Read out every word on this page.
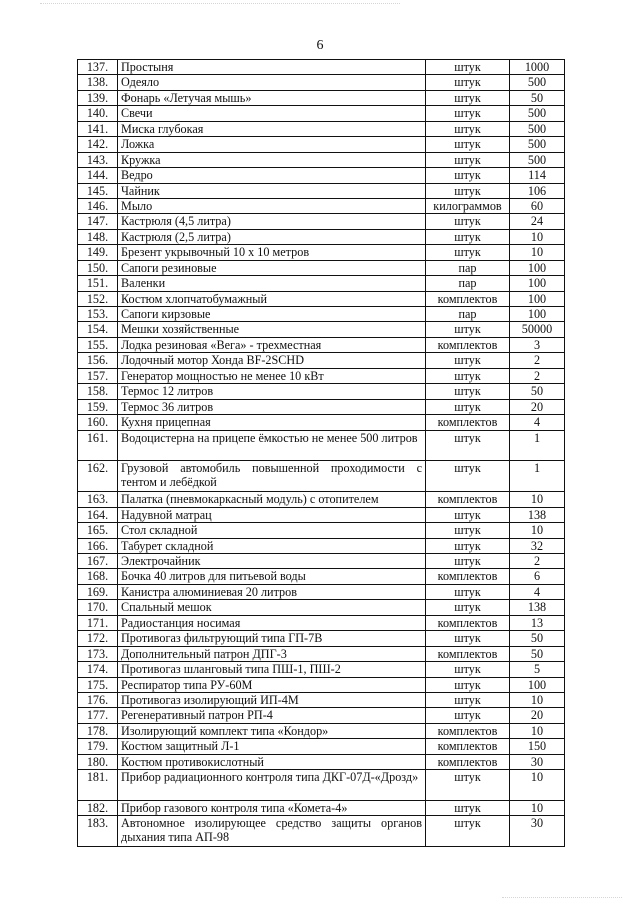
6
137.	Простыня	штук	1000
138.	Одеяло	штук	500
139.	Фонарь «Летучая мышь»	штук	50
140.	Свечи	штук	500
141.	Миска глубокая	штук	500
142.	Ложка	штук	500
143.	Кружка	штук	500
144.	Ведро	штук	114
145.	Чайник	штук	106
146.	Мыло	килограммов	60
147.	Кастрюля (4,5 литра)	штук	24
148.	Кастрюля (2,5 литра)	штук	10
149.	Брезент укрывочный 10 х 10 метров	штук	10
150.	Сапоги резиновые	пар	100
151.	Валенки	пар	100
152.	Костюм хлопчатобумажный	комплектов	100
153.	Сапоги кирзовые	пар	100
154.	Мешки хозяйственные	штук	50000
155.	Лодка резиновая «Вега» - трехместная	комплектов	3
156.	Лодочный мотор Хонда BF-2SCHD	штук	2
157.	Генератор мощностью не менее 10 кВт	штук	2
158.	Термос 12 литров	штук	50
159.	Термос 36 литров	штук	20
160.	Кухня прицепная	комплектов	4
161.	Водоцистерна на прицепе ёмкостью не менее 500 литров	штук	1
162.	Грузовой автомобиль повышенной проходимости с тентом и лебёдкой	штук	1
163.	Палатка (пневмокаркасный модуль) с отопителем	комплектов	10
164.	Надувной матрац	штук	138
165.	Стол складной	штук	10
166.	Табурет складной	штук	32
167.	Электрочайник	штук	2
168.	Бочка 40 литров для питьевой воды	комплектов	6
169.	Канистра алюминиевая 20 литров	штук	4
170.	Спальный мешок	штук	138
171.	Радиостанция носимая	комплектов	13
172.	Противогаз фильтрующий типа ГП-7В	штук	50
173.	Дополнительный патрон ДПГ-3	комплектов	50
174.	Противогаз шланговый типа ПШ-1, ПШ-2	штук	5
175.	Респиратор типа РУ-60М	штук	100
176.	Противогаз изолирующий ИП-4М	штук	10
177.	Регенеративный патрон РП-4	штук	20
178.	Изолирующий комплект типа «Кондор»	комплектов	10
179.	Костюм защитный Л-1	комплектов	150
180.	Костюм противокислотный	комплектов	30
181.	Прибор радиационного контроля типа ДКГ-07Д-«Дрозд»	штук	10
182.	Прибор газового контроля типа «Комета-4»	штук	10
183.	Автономное изолирующее средство защиты органов дыхания типа АП-98	штук	30
